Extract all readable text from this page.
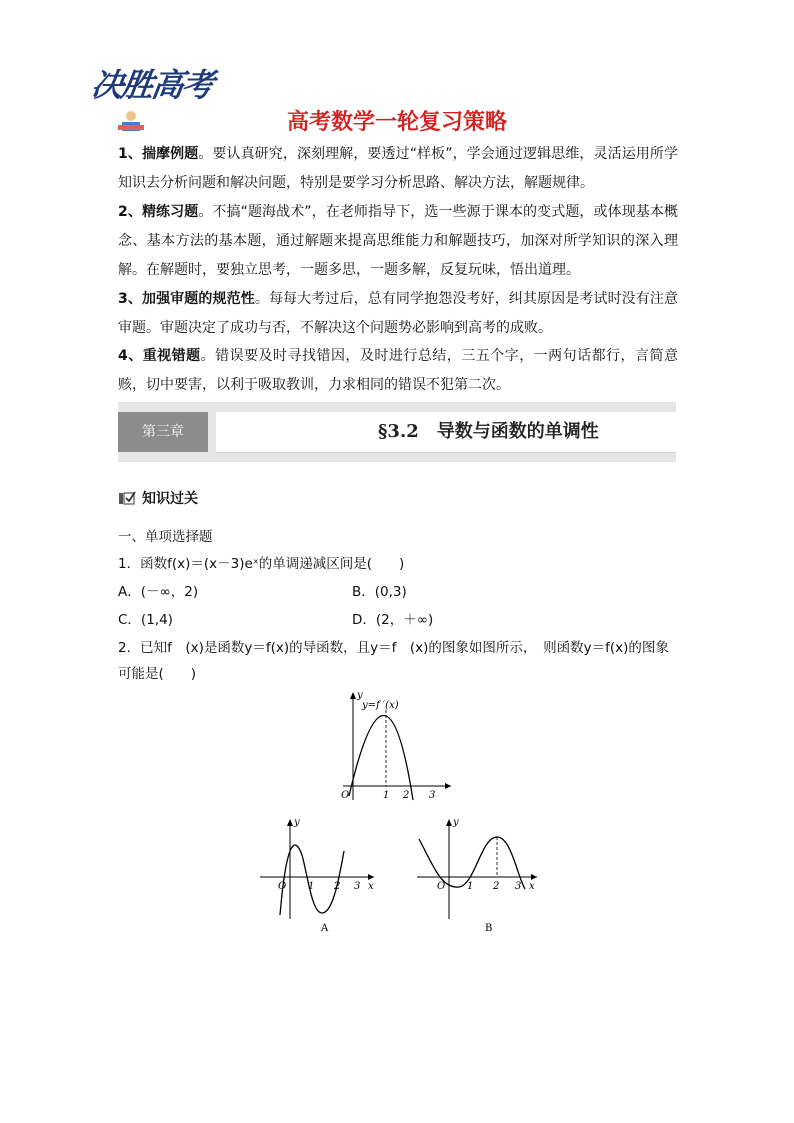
决胜高考
高考数学一轮复习策略
1、揣摩例题。要认真研究，深刻理解，要透过“样板”，学会通过逻辑思维，灵活运用所学知识去分析问题和解决问题，特别是要学习分析思路、解决方法，解题规律。
2、精练习题。不搞“题海战术”，在老师指导下，选一些源于课本的变式题，或体现基本概念、基本方法的基本题，通过解题来提高思维能力和解题技巧，加深对所学知识的深入理解。在解题时，要独立思考，一题多思，一题多解，反复玩味，悟出道理。
3、加强审题的规范性。每每大考过后，总有同学抱怨没考好，纠其原因是考试时没有注意审题。审题决定了成功与否，不解决这个问题势必影响到高考的成败。
4、重视错题。错误要及时寻找错因，及时进行总结，三五个字，一两句话都行，言简意赅，切中要害，以利于吸取教训，力求相同的错误不犯第二次。
第三章	§3.2　导数与函数的单调性
知识过关
一、单项选择题
1．函数f(x)＝(x－3)eˣ的单调递减区间是(　　)
A．(－∞，2)	B．(0,3)
C．(1,4)	D．(2，＋∞)
2．已知f　(x)是函数y＝f(x)的导函数，且y＝f　(x)的图象如图所示，　则函数y＝f(x)的图象
可能是(　　)
y=f ′(x)
y
O	1 2 3
y
x
O 1 2 3
A
y
x
O 1 2 3
B
